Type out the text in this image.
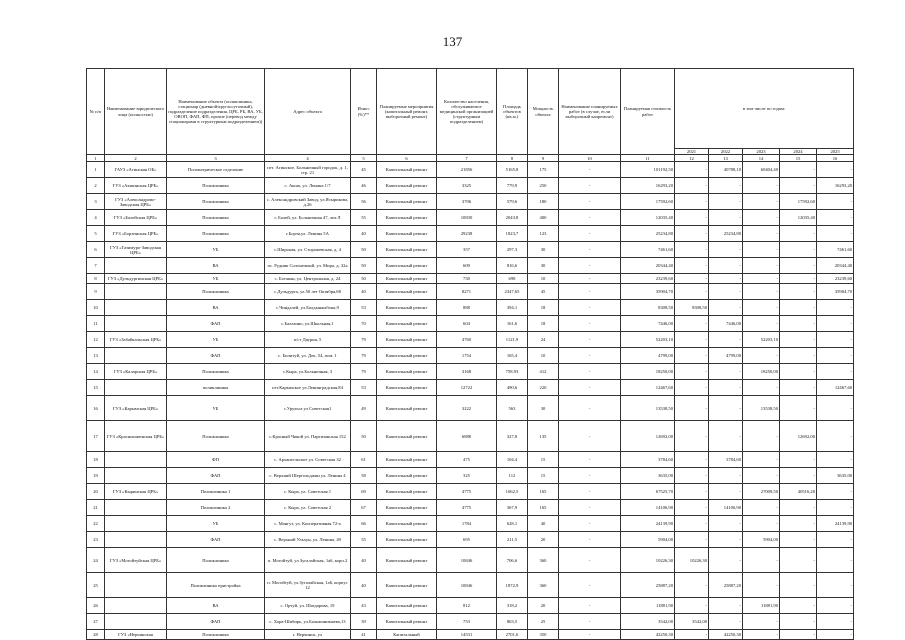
137
№ п/п	Наименование юридического лица (полностью)	Наименование объекта (поликлиника, стационар (дневной/круглосуточный), подразделение подразделения, ЦРБ, РБ, ВА, УБ, ОВОП, ФАП, ФП, прочие (перевод между стационарами в структурным подразделением))	Адрес объекта	Износ (%)**	Планируемые мероприятия (капитальный ремонт, выборочный ремонт)	Количество населения, обслуживаемое медицинской организацией (структурным подразделением)	Площадь объектов (кв.м.)	Мощность объекта	Наименование планируемых работ (в случае, если выборочный капремонт)	Планируемая стоимость работ	в том числе по годам:				
											2021	2022	2023	2024	2025
1	2	3	4	5	6	7	8	9	10	11	12	13	14	15	16
1	ГАУЗ «Агинская ОБ»	Психиатрическое отделение	пгт. Агинское, Больничный городок, д. 1, стр. 21	45	Капитальный ремонт	21856	5165,8	175	-	101192,50	-	40788,10	60404,40	-	-
2	ГУЗ «Акшинская ЦРБ»	Поликлиника	с. Акша, ул. Ленина 1/7	46	Капитальный ремонт	3325	779,9	250	-	16293,20	-	-	-	-	16293,20
3	ГУЗ «Александрово-Заводская ЦРБ»	Поликлиника	с. Александровский Завод, ул.Ясырикова, д.26	56	Капитальный ремонт	3706	579,6	180	-	17592,60	-	-	-	17592,60	-
4	ГУЗ «Балейская ЦРБ»	Поликлиника	г. Балей, ул. Больничная 47, лит.Л	55	Капитальный ремонт	10830	2043,8	400	-	12035,40	-	-	-	12035,40	-
5	ГУЗ «Борзинская ЦРБ»	Поликлиника	г.Борзя,ул. Ленина 5А	40	Капитальный ремонт	29238	1823,7	123	-	25234,80	-	25234,80	-	-	-
6	ГУЗ «Газимуро-Заводская ЦРБ»	УБ	с.Широкая, ул. Сторожевская, д. 4	50	Капитальный ремонт	357	297,3	30	-	7461,60	-	-	-	-	7461,60
7		ВА	пс. Рудник Солонечный, ул. Мира, д. 32а	50	Капитальный ремонт	609	816,6	30	-	20344,40	-	-	-	-	20344,40
8	ГУЗ «Дульдургинская ЦРБ»	УБ	с. Ботакан, ул. Центральная, д. 24	50	Капитальный ремонт	730	698	10	-	23239,60	-	-	-	-	23239,60
9		Поликлиника	с.Дульдурга, ул.50 лет Октября,68	40	Капитальный ремонт	8271	2347,65	45	-	35904,70	-	-	-	-	35904,70
10		ВА	с.Чиндалей, ул.Балдынжабона,9	53	Капитальный ремонт	888	394,1	18	-	8308,50	8308,50	-	-	-	-
11		ФАП	с.Бальзино, ул.Школьная,1	70	Капитальный ремонт	604	161,6	18	-	7446,00	-	7446,00	-	-	-
12	ГУЗ «Забайкальская ЦРБ»	УБ	п/ст Даурия, 5	79	Капитальный ремонт	4760	1121,9	24	-	52203,10	-	-	52203,10	-	-
13		ФАП	с. Билитуй, ул. Дек, 54, пом. 1	79	Капитальный ремонт	1754	165,4	10	-	4799,00	-	4799,00	-	-	-
14	ГУЗ «Каларская ЦРБ»	Поликлиника	с.Кыра, ул.Больничная, 3	79	Капитальный ремонт	3168	758,93	412	-	18250,00	-	-	18250,00	-	-
15		поликлиника	пгт.Карымское ул.Ленинградская,84	53	Капитальный ремонт	12722	490,6	220	-	12467,60	-	-	-	-	12467,60
16	ГУЗ «Карымская ЦРБ»	УБ	с.Урульга ул Советская1	49	Капитальный ремонт	3222	563	30	-	13538,50	-	-	13538,50	-	-
17	ГУЗ «Краснокаменская ЦРБ»	Поликлиника	с.Красный Чикой ул. Партизанская 152	50	Капитальный ремонт	6888	327,8	135	-	12692,00	-	-	-	12692,00	-
18		ФП	с. Архангельское ул. Советская 32	61	Капитальный ремонт	475	104,4	15	-	3784,60	-	3784,60	-	-	-
19		ФАП	с. Верхний Шергольджин ул. Ленина 4	58	Капитальный ремонт	325	112	15	-	3635,00	-	-	-	-	3635,00
20	ГУЗ «Кыринская ЦРБ»	Поликлиника 1	с. Кыра, ул. Советская 1	69	Капитальный ремонт	4775	1662,5	165	-	67525,70	-	-	27009,50	40516,20	-
21		Поликлиника 2	с. Кыра, ул. Советская 2	67	Капитальный ремонт	4775	367,9	165	-	14106,90	-	14106,90	-	-	-
22		УБ	с. Мангут, ул. Кооперативная 72-а	66	Капитальный ремонт	1784	628,1	40	-	24139,90	-	-	-	-	24139,90
23		ФАП	с. Верхний Ульхун, ул. Ленина, 49	55	Капитальный ремонт	695	211,5	20	-	5904,00	-	-	5904,00	-	-
24	ГУЗ «Могойтуйская ЦРБ»	Поликлиника	п. Могойтуй, ул.Зугалайская, 1а6, корп.2	40	Капитальный ремонт	10846	706,6	360	-	10226,30	10226,30	-	-	-	-
25		Поликлиника пристройка	п. Могойтуй, ул.Зугалайская, 1а6, корпус 12	40	Капитальный ремонт	10846	1872,9	360	-	25887,20	-	25887,20	-	-	-
26		ВА	с. Ортуй, ул. Шагдарова, 19	43	Капитальный ремонт	812	318,2	20	-	11881,90	-	-	11881,90	-	-
27		ФАП	с. Хара-Шибирь, ул.Бальжинимаева,13	39	Капитальный ремонт	753	863,5	25	-	3542,00	3542,00	-	-	-	-
28	ГУЗ «Нерчинская	Поликлиника	г. Нерчинск, ул	41	Капитальный	14531	2701,6	350	-	42250,30	-	42250,30	-	-	-
